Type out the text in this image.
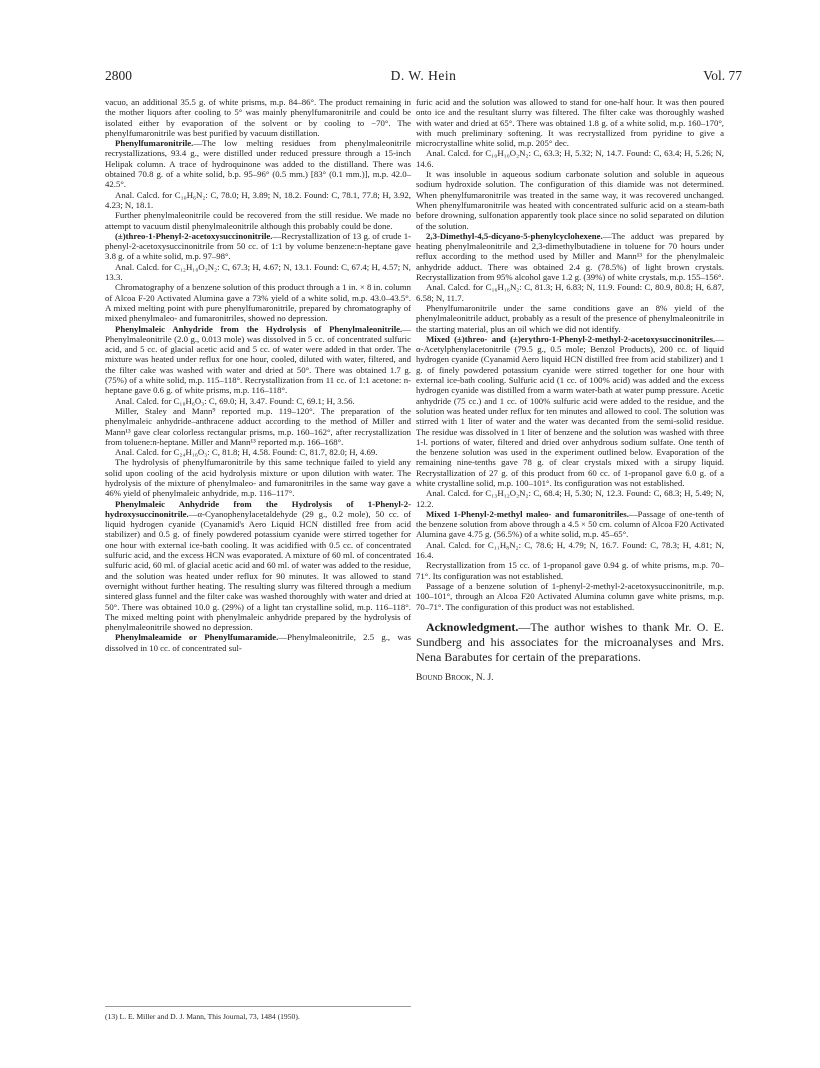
2800	D. W. Hein	Vol. 77

vacuo, an additional 35.5 g. of white prisms, m.p. 84–86°. The product remaining in the mother liquors after cooling to 5° was mainly phenylfumaronitrile and could be isolated either by evaporation of the solvent or by cooling to −70°. The phenylfumaronitrile was best purified by vacuum distillation.

Phenylfumaronitrile.—The low melting residues from phenylmaleonitrile recrystallizations, 93.4 g., were distilled under reduced pressure through a 15-inch Helipak column. A trace of hydroquinone was added to the distilland. There was obtained 70.8 g. of a white solid, b.p. 95–96° (0.5 mm.) [83° (0.1 mm.)], m.p. 42.0–42.5°.

Anal. Calcd. for C₁₀H₆N₂: C, 78.0; H, 3.89; N, 18.2. Found: C, 78.1, 77.8; H, 3.92, 4.23; N, 18.1.

Further phenylmaleonitrile could be recovered from the still residue. We made no attempt to vacuum distil phenylmaleonitrile although this probably could be done.

(±)threo-1-Phenyl-2-acetoxysuccinonitrile.—Recrystallization of 13 g. of crude 1-phenyl-2-acetoxysuccinonitrile from 50 cc. of 1:1 by volume benzene:n-heptane gave 3.8 g. of a white solid, m.p. 97–98°.

Anal. Calcd. for C₁₂H₁₀O₂N₂: C, 67.3; H, 4.67; N, 13.1. Found: C, 67.4; H, 4.57; N, 13.3.

Chromatography of a benzene solution of this product through a 1 in. × 8 in. column of Alcoa F-20 Activated Alumina gave a 73% yield of a white solid, m.p. 43.0–43.5°. A mixed melting point with pure phenylfumaronitrile, prepared by chromatography of mixed phenylmaleo- and fumaronitriles, showed no depression.

Phenylmaleic Anhydride from the Hydrolysis of Phenylmaleonitrile.—Phenylmaleonitrile (2.0 g., 0.013 mole) was dissolved in 5 cc. of concentrated sulfuric acid, and 5 cc. of glacial acetic acid and 5 cc. of water were added in that order. The mixture was heated under reflux for one hour, cooled, diluted with water, filtered, and the filter cake was washed with water and dried at 50°. There was obtained 1.7 g. (75%) of a white solid, m.p. 115–118°. Recrystallization from 11 cc. of 1:1 acetone: n-heptane gave 0.6 g. of white prisms, m.p. 116–118°.

Anal. Calcd. for C₁₀H₆O₃: C, 69.0; H, 3.47. Found: C, 69.1; H, 3.56.

Miller, Staley and Mann⁹ reported m.p. 119–120°. The preparation of the phenylmaleic anhydride–anthracene adduct according to the method of Miller and Mann¹³ gave clear colorless rectangular prisms, m.p. 160–162°, after recrystallization from toluene:n-heptane. Miller and Mann¹³ reported m.p. 166–168°.

Anal. Calcd. for C₂₄H₁₆O₃: C, 81.8; H, 4.58. Found: C, 81.7, 82.0; H, 4.69.

The hydrolysis of phenylfumaronitrile by this same technique failed to yield any solid upon cooling of the acid hydrolysis mixture or upon dilution with water. The hydrolysis of the mixture of phenylmaleo- and fumaronitriles in the same way gave a 46% yield of phenylmaleic anhydride, m.p. 116–117°.

Phenylmaleic Anhydride from the Hydrolysis of 1-Phenyl-2-hydroxysuccinonitrile.—α-Cyanophenylacetaldehyde (29 g., 0.2 mole), 50 cc. of liquid hydrogen cyanide (Cyanamid's Aero Liquid HCN distilled free from acid stabilizer) and 0.5 g. of finely powdered potassium cyanide were stirred together for one hour with external ice-bath cooling. It was acidified with 0.5 cc. of concentrated sulfuric acid, and the excess HCN was evaporated. A mixture of 60 ml. of concentrated sulfuric acid, 60 ml. of glacial acetic acid and 60 ml. of water was added to the residue, and the solution was heated under reflux for 90 minutes. It was allowed to stand overnight without further heating. The resulting slurry was filtered through a medium sintered glass funnel and the filter cake was washed thoroughly with water and dried at 50°. There was obtained 10.0 g. (29%) of a light tan crystalline solid, m.p. 116–118°. The mixed melting point with phenylmaleic anhydride prepared by the hydrolysis of phenylmaleonitrile showed no depression.

Phenylmaleamide or Phenylfumaramide.—Phenylmaleonitrile, 2.5 g., was dissolved in 10 cc. of concentrated sul-

furic acid and the solution was allowed to stand for one-half hour. It was then poured onto ice and the resultant slurry was filtered. The filter cake was thoroughly washed with water and dried at 65°. There was obtained 1.8 g. of a white solid, m.p. 160–170°, with much preliminary softening. It was recrystallized from pyridine to give a microcrystalline white solid, m.p. 205° dec.

Anal. Calcd. for C₁₀H₁₀O₂N₂: C, 63.3; H, 5.32; N, 14.7. Found: C, 63.4; H, 5.26; N, 14.6.

It was insoluble in aqueous sodium carbonate solution and soluble in aqueous sodium hydroxide solution. The configuration of this diamide was not determined. When phenylfumaronitrile was treated in the same way, it was recovered unchanged. When phenylfumaronitrile was heated with concentrated sulfuric acid on a steam-bath before drowning, sulfonation apparently took place since no solid separated on dilution of the solution.

2,3-Dimethyl-4,5-dicyano-5-phenylcyclohexene.—The adduct was prepared by heating phenylmaleonitrile and 2,3-dimethylbutadiene in toluene for 70 hours under reflux according to the method used by Miller and Mann¹³ for the phenylmaleic anhydride adduct. There was obtained 2.4 g. (78.5%) of light brown crystals. Recrystallization from 95% alcohol gave 1.2 g. (39%) of white crystals, m.p. 155–156°.

Anal. Calcd. for C₁₆H₁₆N₂: C, 81.3; H, 6.83; N, 11.9. Found: C, 80.9, 80.8; H, 6.87, 6.58; N, 11.7.

Phenylfumaronitrile under the same conditions gave an 8% yield of the phenylmaleonitrile adduct, probably as a result of the presence of phenylmaleonitrile in the starting material, plus an oil which we did not identify.

Mixed (±)threo- and (±)erythro-1-Phenyl-2-methyl-2-acetoxysuccinonitriles.—α-Acetylphenylacetonitrile (79.5 g., 0.5 mole; Benzol Products), 200 cc. of liquid hydrogen cyanide (Cyanamid Aero liquid HCN distilled free from acid stabilizer) and 1 g. of finely powdered potassium cyanide were stirred together for one hour with external ice-bath cooling. Sulfuric acid (1 cc. of 100% acid) was added and the excess hydrogen cyanide was distilled from a warm water-bath at water pump pressure. Acetic anhydride (75 cc.) and 1 cc. of 100% sulfuric acid were added to the residue, and the solution was heated under reflux for ten minutes and allowed to cool. The solution was stirred with 1 liter of water and the water was decanted from the semi-solid residue. The residue was dissolved in 1 liter of benzene and the solution was washed with three 1-l. portions of water, filtered and dried over anhydrous sodium sulfate. One tenth of the benzene solution was used in the experiment outlined below. Evaporation of the remaining nine-tenths gave 78 g. of clear crystals mixed with a sirupy liquid. Recrystallization of 27 g. of this product from 60 cc. of 1-propanol gave 6.0 g. of a white crystalline solid, m.p. 100–101°. Its configuration was not established.

Anal. Calcd. for C₁₃H₁₂O₂N₂: C, 68.4; H, 5.30; N, 12.3. Found: C, 68.3; H, 5.49; N, 12.2.

Mixed 1-Phenyl-2-methyl maleo- and fumaronitriles.—Passage of one-tenth of the benzene solution from above through a 4.5 × 50 cm. column of Alcoa F20 Activated Alumina gave 4.75 g. (56.5%) of a white solid, m.p. 45–65°.

Anal. Calcd. for C₁₁H₈N₂: C, 78.6; H, 4.79; N, 16.7. Found: C, 78.3; H, 4.81; N, 16.4.

Recrystallization from 15 cc. of 1-propanol gave 0.94 g. of white prisms, m.p. 70–71°. Its configuration was not established.

Passage of a benzene solution of 1-phenyl-2-methyl-2-acetoxysuccinonitrile, m.p. 100–101°, through an Alcoa F20 Activated Alumina column gave white prisms, m.p. 70–71°. The configuration of this product was not established.

Acknowledgment.—The author wishes to thank Mr. O. E. Sundberg and his associates for the microanalyses and Mrs. Nena Barabutes for certain of the preparations.

Bound Brook, N. J.

(13) L. E. Miller and D. J. Mann, This Journal, 73, 1484 (1950).
